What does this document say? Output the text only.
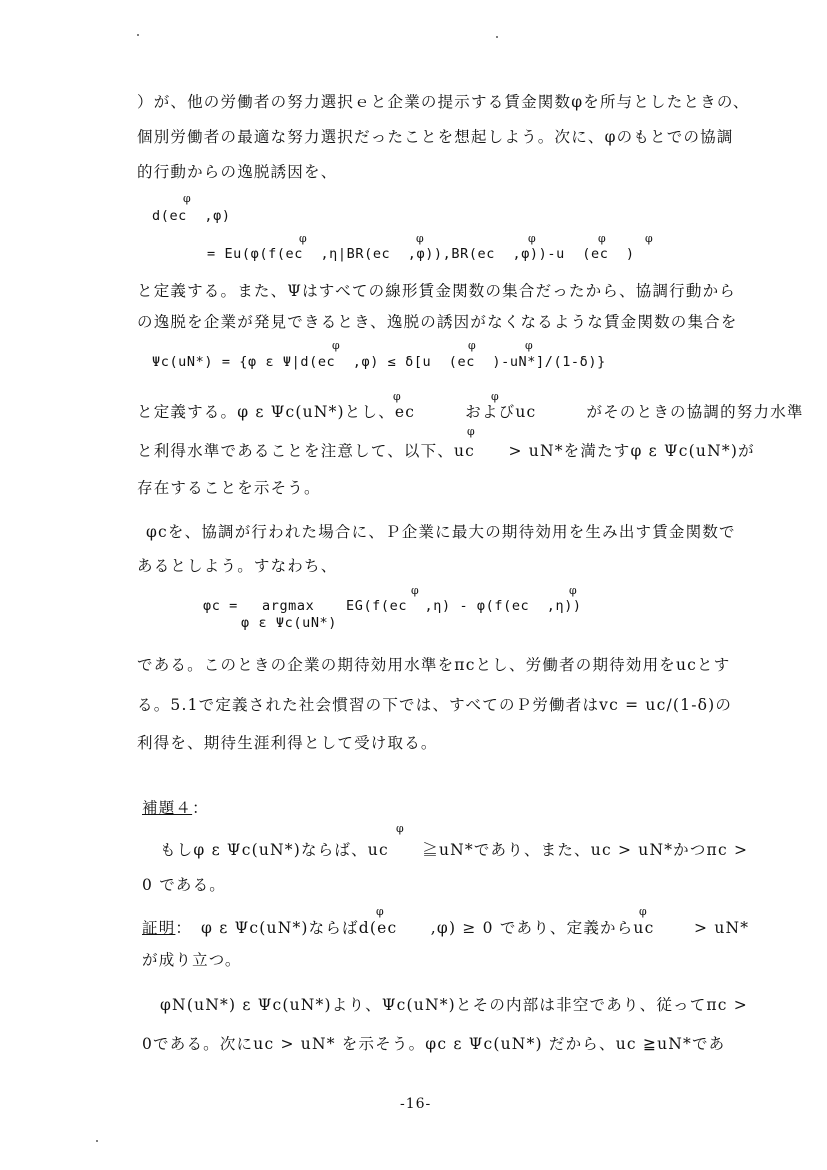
）が、他の労働者の努力選択ｅと企業の提示する賃金関数φを所与としたときの、
個別労働者の最適な努力選択だったことを想起しよう。次に、φのもとでの協調
的行動からの逸脱誘因を、
φ
d(ec  ,φ)
φ	φ	φ	φ	φ
= Eu(φ(f(ec  ,η|BR(ec  ,φ)),BR(ec  ,φ))-u  (ec  )
と定義する。また、Ψはすべての線形賃金関数の集合だったから、協調行動から
の逸脱を企業が発見できるとき、逸脱の誘因がなくなるような賃金関数の集合を
φ	φ	φ
Ψc(uN*) = {φ ε Ψ|d(ec  ,φ) ≤ δ[u  (ec  )-uN*]/(1-δ)}
φ	φ
と定義する。φ ε Ψc(uN*)とし、ec　　　およびuc　　　がそのときの協調的努力水準
φ
と利得水準であることを注意して、以下、uc　　> uN*を満たすφ ε Ψc(uN*)が
存在することを示そう。
φcを、協調が行われた場合に、Ｐ企業に最大の期待効用を生み出す賃金関数で
あるとしよう。すなわち、
φ	φ
φc = argmax EG(f(ec  ,η) - φ(f(ec  ,η))
φ ε Ψc(uN*)
である。このときの企業の期待効用水準をπcとし、労働者の期待効用をucとす
る。5.1で定義された社会慣習の下では、すべてのＰ労働者はvc = uc/(1-δ)の
利得を、期待生涯利得として受け取る。
補題４：
φ
もしφ ε Ψc(uN*)ならば、uc　　≧uN*であり、また、uc > uN*かつπc >
0 である。
φ	φ
証明：　φ ε Ψc(uN*)ならばd(ec　　,φ) ≥ 0 であり、定義からuc　　 > uN*
が成り立つ。
φN(uN*) ε Ψc(uN*)より、Ψc(uN*)とその内部は非空であり、従ってπc >
0である。次にuc > uN* を示そう。φc ε Ψc(uN*) だから、uc ≧uN*であ
-16-
